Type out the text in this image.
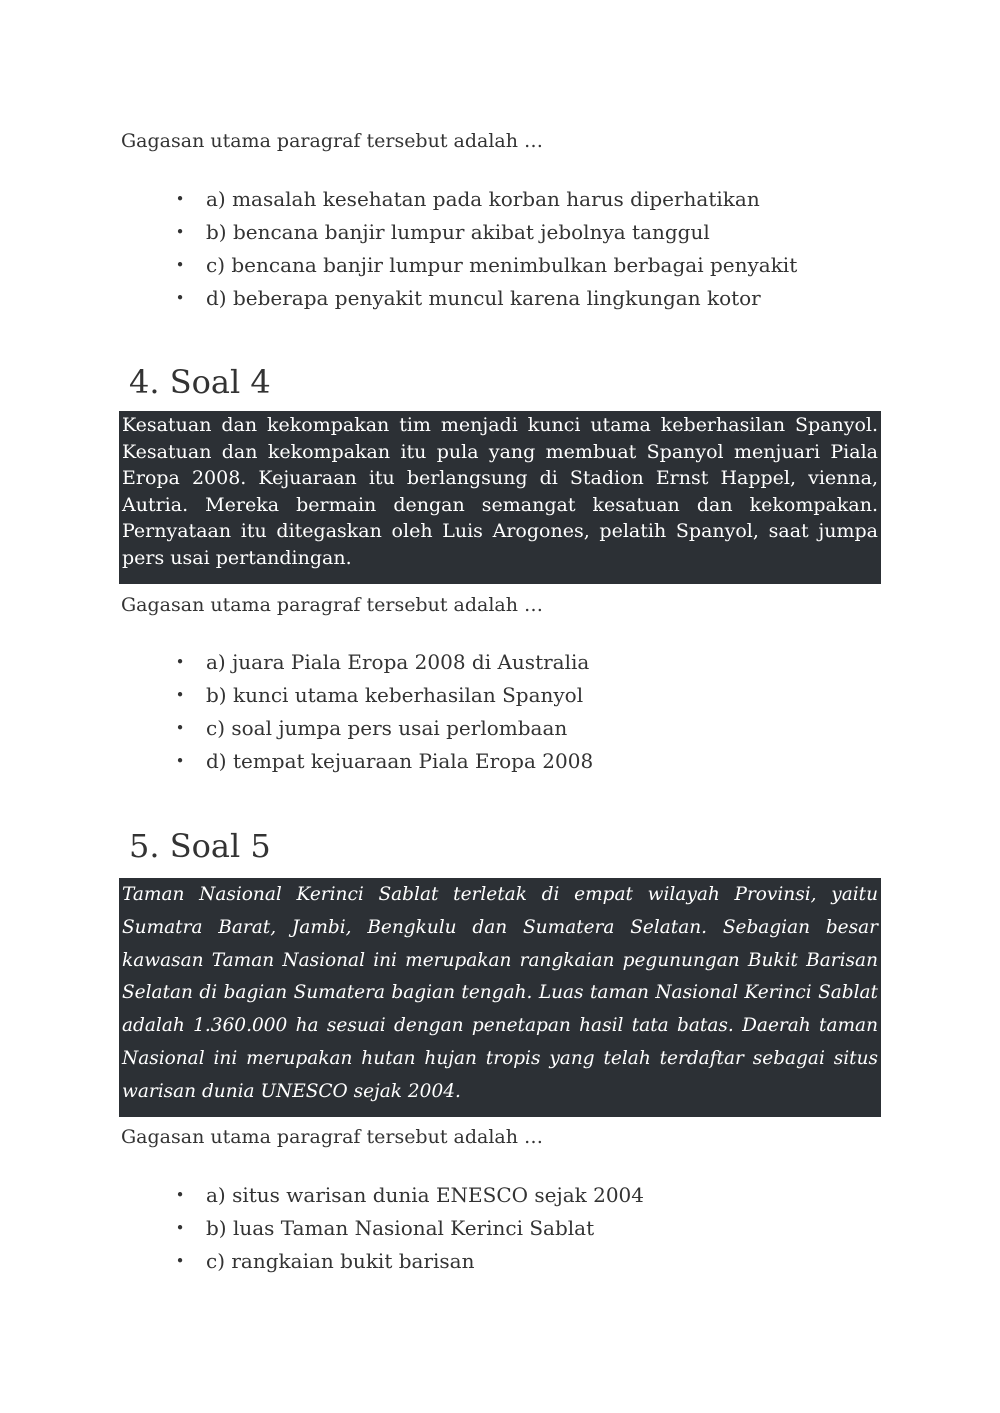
Gagasan utama paragraf tersebut adalah …

• a) masalah kesehatan pada korban harus diperhatikan
• b) bencana banjir lumpur akibat jebolnya tanggul
• c) bencana banjir lumpur menimbulkan berbagai penyakit
• d) beberapa penyakit muncul karena lingkungan kotor
4. Soal 4

Kesatuan dan kekompakan tim menjadi kunci utama keberhasilan Spanyol. Kesatuan dan kekompakan itu pula yang membuat Spanyol menjuari Piala Eropa 2008. Kejuaraan itu berlangsung di Stadion Ernst Happel, vienna, Autria. Mereka bermain dengan semangat kesatuan dan kekompakan. Pernyataan itu ditegaskan oleh Luis Arogones, pelatih Spanyol, saat jumpa pers usai pertandingan.

Gagasan utama paragraf tersebut adalah …

• a) juara Piala Eropa 2008 di Australia
• b) kunci utama keberhasilan Spanyol
• c) soal jumpa pers usai perlombaan
• d) tempat kejuaraan Piala Eropa 2008
5. Soal 5

Taman Nasional Kerinci Sablat terletak di empat wilayah Provinsi, yaitu Sumatra Barat, Jambi, Bengkulu dan Sumatera Selatan. Sebagian besar kawasan Taman Nasional ini merupakan rangkaian pegunungan Bukit Barisan Selatan di bagian Sumatera bagian tengah. Luas taman Nasional Kerinci Sablat adalah 1.360.000 ha sesuai dengan penetapan hasil tata batas. Daerah taman Nasional ini merupakan hutan hujan tropis yang telah terdaftar sebagai situs warisan dunia UNESCO sejak 2004.

Gagasan utama paragraf tersebut adalah …

• a) situs warisan dunia ENESCO sejak 2004
• b) luas Taman Nasional Kerinci Sablat
• c) rangkaian bukit barisan
